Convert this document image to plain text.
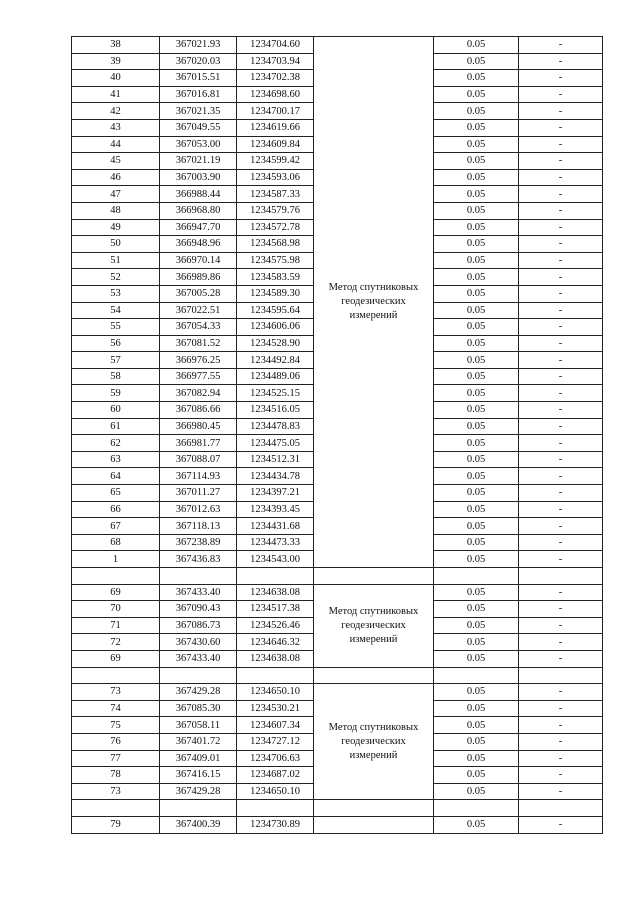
38	367021.93	1234704.60	Метод спутниковых геодезических измерений	0.05	-
39	367020.03	1234703.94		0.05	-
40	367015.51	1234702.38		0.05	-
41	367016.81	1234698.60		0.05	-
42	367021.35	1234700.17		0.05	-
43	367049.55	1234619.66		0.05	-
44	367053.00	1234609.84		0.05	-
45	367021.19	1234599.42		0.05	-
46	367003.90	1234593.06		0.05	-
47	366988.44	1234587.33		0.05	-
48	366968.80	1234579.76		0.05	-
49	366947.70	1234572.78		0.05	-
50	366948.96	1234568.98		0.05	-
51	366970.14	1234575.98		0.05	-
52	366989.86	1234583.59		0.05	-
53	367005.28	1234589.30		0.05	-
54	367022.51	1234595.64		0.05	-
55	367054.33	1234606.06		0.05	-
56	367081.52	1234528.90		0.05	-
57	366976.25	1234492.84		0.05	-
58	366977.55	1234489.06		0.05	-
59	367082.94	1234525.15		0.05	-
60	367086.66	1234516.05		0.05	-
61	366980.45	1234478.83		0.05	-
62	366981.77	1234475.05		0.05	-
63	367088.07	1234512.31		0.05	-
64	367114.93	1234434.78		0.05	-
65	367011.27	1234397.21		0.05	-
66	367012.63	1234393.45		0.05	-
67	367118.13	1234431.68		0.05	-
68	367238.89	1234473.33		0.05	-
1	367436.83	1234543.00		0.05	-

69	367433.40	1234638.08	Метод спутниковых геодезических измерений	0.05	-
70	367090.43	1234517.38		0.05	-
71	367086.73	1234526.46		0.05	-
72	367430.60	1234646.32		0.05	-
69	367433.40	1234638.08		0.05	-

73	367429.28	1234650.10	Метод спутниковых геодезических измерений	0.05	-
74	367085.30	1234530.21		0.05	-
75	367058.11	1234607.34		0.05	-
76	367401.72	1234727.12		0.05	-
77	367409.01	1234706.63		0.05	-
78	367416.15	1234687.02		0.05	-
73	367429.28	1234650.10		0.05	-

79	367400.39	1234730.89		0.05	-
